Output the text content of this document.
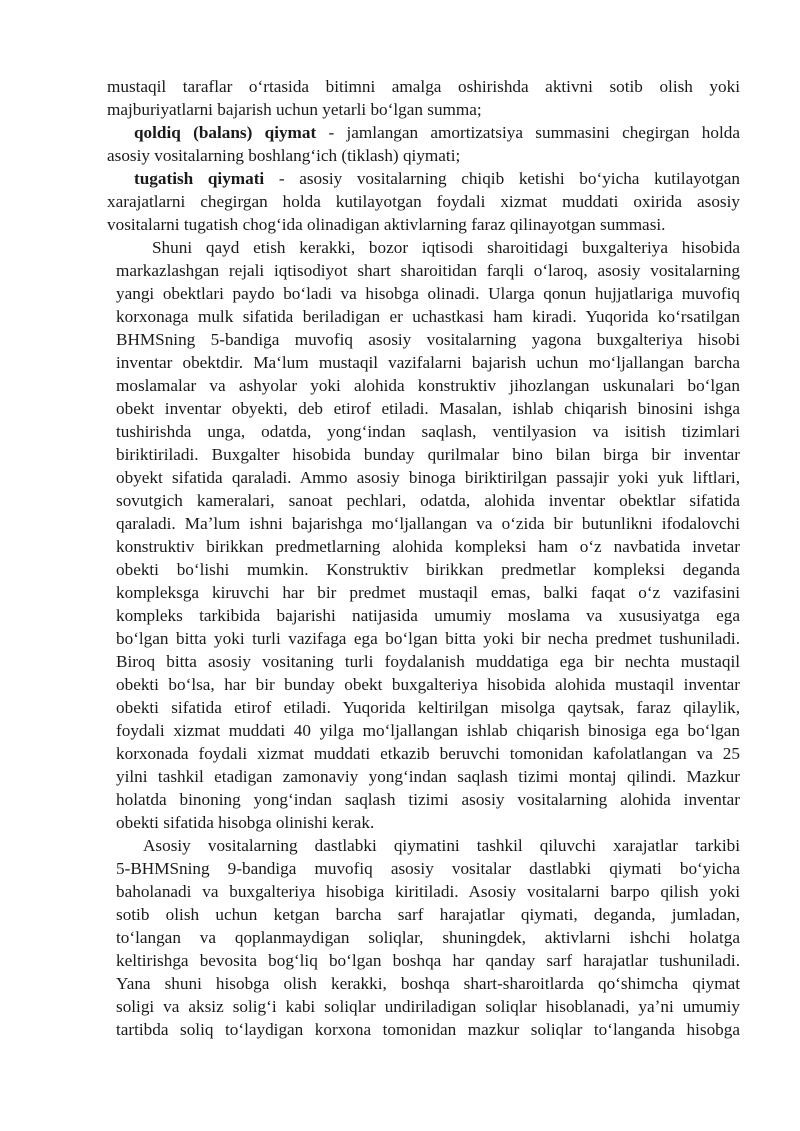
mustaqil taraflar oʻrtasida bitimni amalga oshirishda aktivni sotib olish yoki
majburiyatlarni bajarish uchun yetarli boʻlgan summa;
qoldiq (balans) qiymat - jamlangan amortizatsiya summasini chegirgan holda
asosiy vositalarning boshlangʻich (tiklash) qiymati;
tugatish qiymati - asosiy vositalarning chiqib ketishi boʻyicha kutilayotgan
xarajatlarni chegirgan holda kutilayotgan foydali xizmat muddati oxirida asosiy
vositalarni tugatish chogʻida olinadigan aktivlarning faraz qilinayotgan summasi.
Shuni qayd etish kerakki, bozor iqtisodi sharoitidagi buxgalteriya hisobida
markazlashgan rejali iqtisodiyot shart sharoitidan farqli oʻlaroq, asosiy vositalarning
yangi obektlari paydo boʻladi va hisobga olinadi. Ularga qonun hujjatlariga muvofiq
korxonaga mulk sifatida beriladigan er uchastkasi ham kiradi. Yuqorida koʻrsatilgan
BHMSning 5-bandiga muvofiq asosiy vositalarning yagona buxgalteriya hisobi
inventar obektdir. Maʻlum mustaqil vazifalarni bajarish uchun moʻljallangan barcha
moslamalar va ashyolar yoki alohida konstruktiv jihozlangan uskunalari boʻlgan
obekt inventar obyekti, deb etirof etiladi. Masalan, ishlab chiqarish binosini ishga
tushirishda unga, odatda, yongʻindan saqlash, ventilyasion va isitish tizimlari
biriktiriladi. Buxgalter hisobida bunday qurilmalar bino bilan birga bir inventar
obyekt sifatida qaraladi. Ammo asosiy binoga biriktirilgan passajir yoki yuk liftlari,
sovutgich kameralari, sanoat pechlari, odatda, alohida inventar obektlar sifatida
qaraladi. Maʼlum ishni bajarishga moʻljallangan va oʻzida bir butunlikni ifodalovchi
konstruktiv birikkan predmetlarning alohida kompleksi ham oʻz navbatida invetar
obekti boʻlishi mumkin. Konstruktiv birikkan predmetlar kompleksi deganda
kompleksga kiruvchi har bir predmet mustaqil emas, balki faqat oʻz vazifasini
kompleks tarkibida bajarishi natijasida umumiy moslama va xususiyatga ega
boʻlgan bitta yoki turli vazifaga ega boʻlgan bitta yoki bir necha predmet tushuniladi.
Biroq bitta asosiy vositaning turli foydalanish muddatiga ega bir nechta mustaqil
obekti boʻlsa, har bir bunday obekt buxgalteriya hisobida alohida mustaqil inventar
obekti sifatida etirof etiladi. Yuqorida keltirilgan misolga qaytsak, faraz qilaylik,
foydali xizmat muddati 40 yilga moʻljallangan ishlab chiqarish binosiga ega boʻlgan
korxonada foydali xizmat muddati etkazib beruvchi tomonidan kafolatlangan va 25
yilni tashkil etadigan zamonaviy yongʻindan saqlash tizimi montaj qilindi. Mazkur
holatda binoning yongʻindan saqlash tizimi asosiy vositalarning alohida inventar
obekti sifatida hisobga olinishi kerak.
Asosiy vositalarning dastlabki qiymatini tashkil qiluvchi xarajatlar tarkibi
5-BHMSning 9-bandiga muvofiq asosiy vositalar dastlabki qiymati boʻyicha
baholanadi va buxgalteriya hisobiga kiritiladi. Asosiy vositalarni barpo qilish yoki
sotib olish uchun ketgan barcha sarf harajatlar qiymati, deganda, jumladan,
toʻlangan va qoplanmaydigan soliqlar, shuningdek, aktivlarni ishchi holatga
keltirishga bevosita bogʻliq boʻlgan boshqa har qanday sarf harajatlar tushuniladi.
Yana shuni hisobga olish kerakki, boshqa shart-sharoitlarda qoʻshimcha qiymat
soligi va aksiz soligʻi kabi soliqlar undiriladigan soliqlar hisoblanadi, yaʼni umumiy
tartibda soliq toʻlaydigan korxona tomonidan mazkur soliqlar toʻlanganda hisobga
